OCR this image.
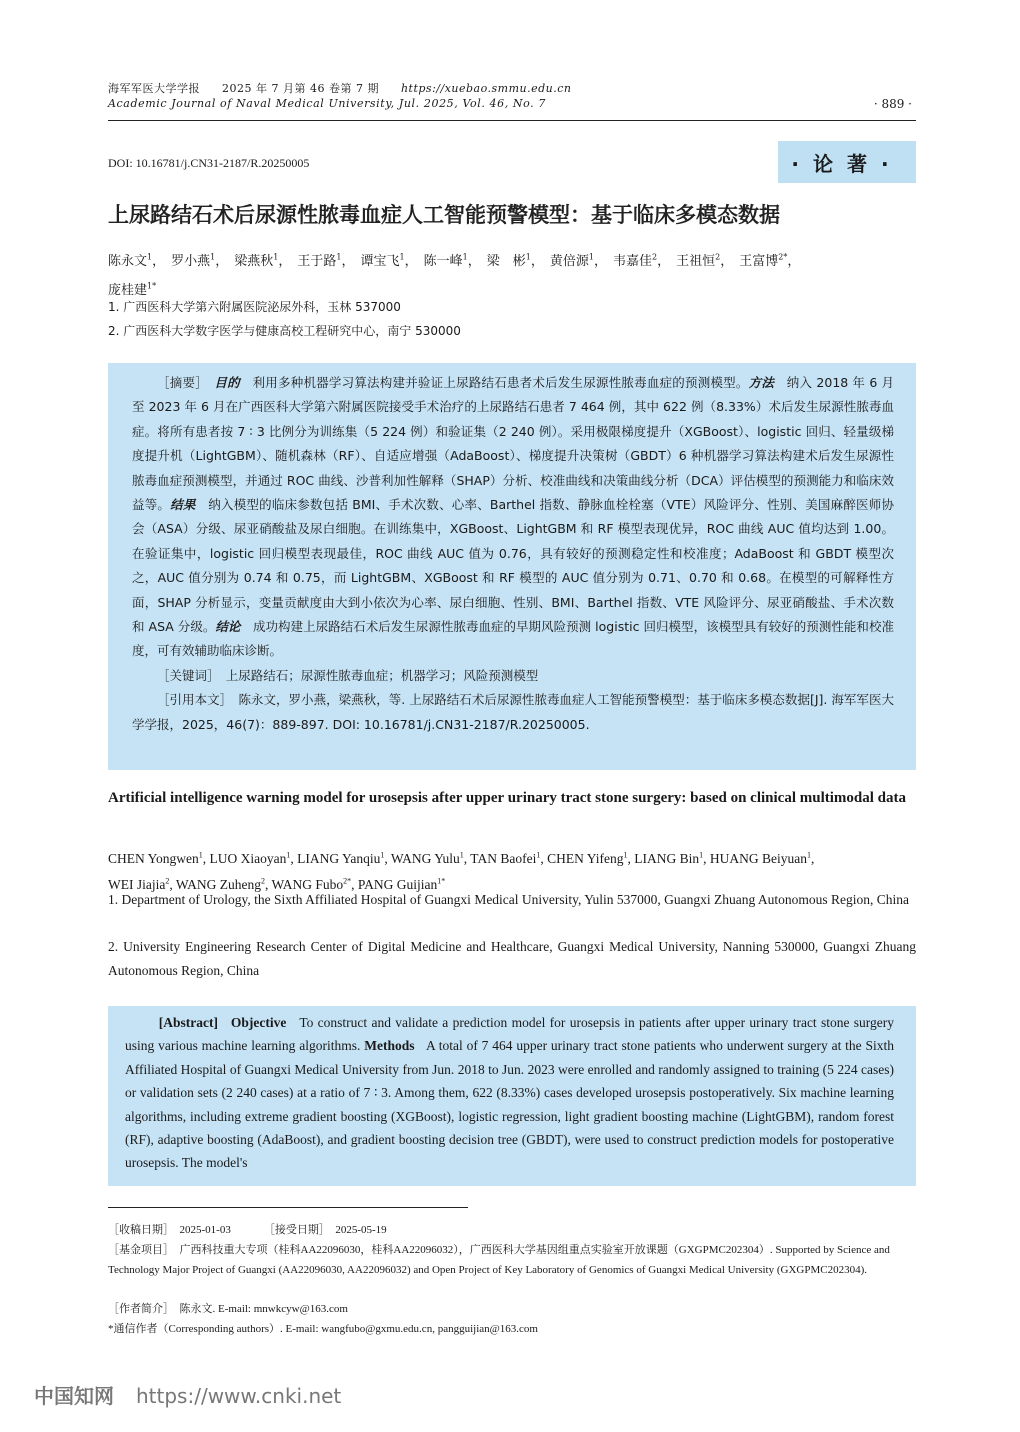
海军军医大学学报 2025 年 7 月第 46 卷第 7 期 https://xuebao.smmu.edu.cn
Academic Journal of Naval Medical University, Jul. 2025, Vol. 46, No. 7	· 889 ·
DOI: 10.16781/j.CN31-2187/R.20250005	·论著·
上尿路结石术后尿源性脓毒血症人工智能预警模型：基于临床多模态数据
陈永文$^1$， 罗小燕$^1$， 梁燕秋$^1$， 王于路$^1$， 谭宝飞$^1$， 陈一峰$^1$， 梁　彬$^1$， 黄倍源$^1$， 韦嘉佳$^2$， 王祖恒$^2$， 王富博$^{2*}$，
庞桂建$^{1*}$
1. 广西医科大学第六附属医院泌尿外科，玉林 537000
2. 广西医科大学数字医学与健康高校工程研究中心，南宁 530000

［摘要］　 目的　 利用多种机器学习算法构建并验证上尿路结石患者术后发生尿源性脓毒血症的预测模型。方法　 纳入 2018 年 6 月至 2023 年 6 月在广西医科大学第六附属医院接受手术治疗的上尿路结石患者 7 464 例，其中 622 例（8.33%）术后发生尿源性脓毒血症。将所有患者按 7 ∶ 3 比例分为训练集（5 224 例）和验证集（2 240 例）。采用极限梯度提升（XGBoost）、logistic 回归、轻量级梯度提升机（LightGBM）、随机森林（RF）、自适应增强（AdaBoost）、梯度提升决策树（GBDT）6 种机器学习算法构建术后发生尿源性脓毒血症预测模型，并通过 ROC 曲线、沙普利加性解释（SHAP）分析、校准曲线和决策曲线分析（DCA）评估模型的预测能力和临床效益等。结果　 纳入模型的临床参数包括 BMI、手术次数、心率、Barthel 指数、静脉血栓栓塞（VTE）风险评分、性别、美国麻醉医师协会（ASA）分级、尿亚硝酸盐及尿白细胞。在训练集中，XGBoost、LightGBM 和 RF 模型表现优异，ROC 曲线 AUC 值均达到 1.00。在验证集中，logistic 回归模型表现最佳，ROC 曲线 AUC 值为 0.76，具有较好的预测稳定性和校准度；AdaBoost 和 GBDT 模型次之，AUC 值分别为 0.74 和 0.75，而 LightGBM、XGBoost 和 RF 模型的 AUC 值分别为 0.71、0.70 和 0.68。在模型的可解释性方面，SHAP 分析显示，变量贡献度由大到小依次为心率、尿白细胞、性别、BMI、Barthel 指数、VTE 风险评分、尿亚硝酸盐、手术次数和 ASA 分级。结论　 成功构建上尿路结石术后发生尿源性脓毒血症的早期风险预测 logistic 回归模型，该模型具有较好的预测性能和校准度，可有效辅助临床诊断。

［关键词］　 上尿路结石；尿源性脓毒血症；机器学习；风险预测模型

［引用本文］　 陈永文，罗小燕，梁燕秋，等. 上尿路结石术后尿源性脓毒血症人工智能预警模型：基于临床多模态数据[J]. 海军军医大学学报，2025，46(7)：889-897. DOI: 10.16781/j.CN31-2187/R.20250005.

Artificial intelligence warning model for urosepsis after upper urinary tract stone surgery: based on clinical multimodal data
CHEN Yongwen$^1$, LUO Xiaoyan$^1$, LIANG Yanqiu$^1$, WANG Yulu$^1$, TAN Baofei$^1$, CHEN Yifeng$^1$, LIANG Bin$^1$, HUANG Beiyuan$^1$,
WEI Jiajia$^2$, WANG Zuheng$^2$, WANG Fubo$^{2*}$, PANG Guijian$^{1*}$
1. Department of Urology, the Sixth Affiliated Hospital of Guangxi Medical University, Yulin 537000, Guangxi Zhuang Autonomous Region, China
2. University Engineering Research Center of Digital Medicine and Healthcare, Guangxi Medical University, Nanning 530000, Guangxi Zhuang Autonomous Region, China

[Abstract] Objective To construct and validate a prediction model for urosepsis in patients after upper urinary tract stone surgery using various machine learning algorithms. Methods A total of 7 464 upper urinary tract stone patients who underwent surgery at the Sixth Affiliated Hospital of Guangxi Medical University from Jun. 2018 to Jun. 2023 were enrolled and randomly assigned to training (5 224 cases) or validation sets (2 240 cases) at a ratio of 7 ∶ 3. Among them, 622 (8.33%) cases developed urosepsis postoperatively. Six machine learning algorithms, including extreme gradient boosting (XGBoost), logistic regression, light gradient boosting machine (LightGBM), random forest (RF), adaptive boosting (AdaBoost), and gradient boosting decision tree (GBDT), were used to construct prediction models for postoperative urosepsis. The model's

［收稿日期］ 2025-01-03	［接受日期］ 2025-05-19
［基金项目］ 广西科技重大专项（桂科AA22096030，桂科AA22096032），广西医科大学基因组重点实验室开放课题（GXGPMC202304）. Supported by Science and Technology Major Project of Guangxi (AA22096030, AA22096032) and Open Project of Key Laboratory of Genomics of Guangxi Medical University (GXGPMC202304).
［作者简介］ 陈永文. E-mail: mnwkcyw@163.com
*通信作者（Corresponding authors）. E-mail: wangfubo@gxmu.edu.cn, pangguijian@163.com
中国知网 https://www.cnki.net
